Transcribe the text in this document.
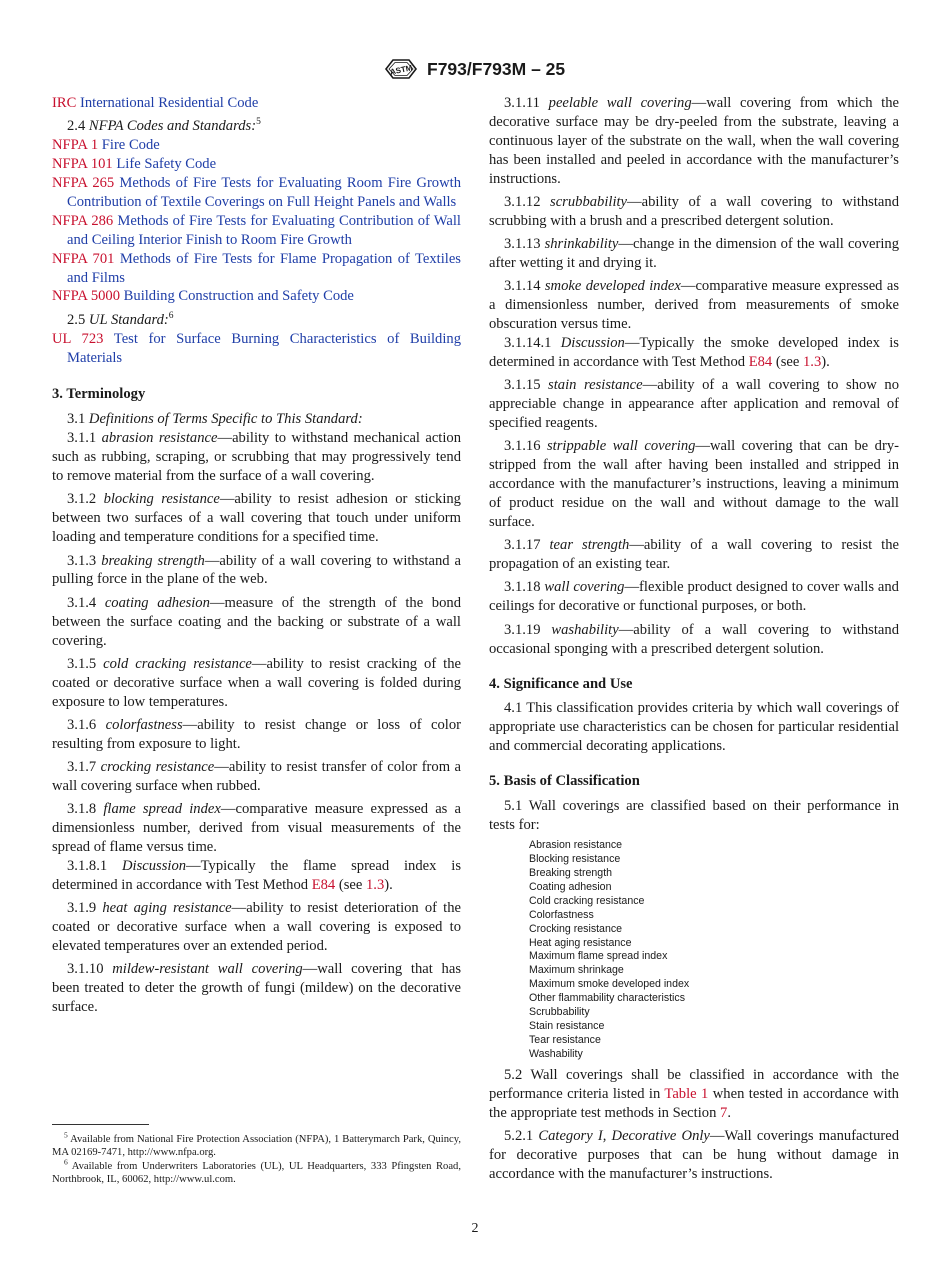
ASTM F793/F793M – 25
IRC International Residential Code
2.4 NFPA Codes and Standards:$^5$
NFPA 1 Fire Code
NFPA 101 Life Safety Code
NFPA 265 Methods of Fire Tests for Evaluating Room Fire Growth Contribution of Textile Coverings on Full Height Panels and Walls
NFPA 286 Methods of Fire Tests for Evaluating Contribution of Wall and Ceiling Interior Finish to Room Fire Growth
NFPA 701 Methods of Fire Tests for Flame Propagation of Textiles and Films
NFPA 5000 Building Construction and Safety Code
2.5 UL Standard:$^6$
UL 723 Test for Surface Burning Characteristics of Building Materials
3. Terminology
3.1 Definitions of Terms Specific to This Standard:
3.1.1 abrasion resistance—ability to withstand mechanical action such as rubbing, scraping, or scrubbing that may progressively tend to remove material from the surface of a wall covering.
3.1.2 blocking resistance—ability to resist adhesion or sticking between two surfaces of a wall covering that touch under uniform loading and temperature conditions for a specified time.
3.1.3 breaking strength—ability of a wall covering to withstand a pulling force in the plane of the web.
3.1.4 coating adhesion—measure of the strength of the bond between the surface coating and the backing or substrate of a wall covering.
3.1.5 cold cracking resistance—ability to resist cracking of the coated or decorative surface when a wall covering is folded during exposure to low temperatures.
3.1.6 colorfastness—ability to resist change or loss of color resulting from exposure to light.
3.1.7 crocking resistance—ability to resist transfer of color from a wall covering surface when rubbed.
3.1.8 flame spread index—comparative measure expressed as a dimensionless number, derived from visual measurements of the spread of flame versus time.
3.1.8.1 Discussion—Typically the flame spread index is determined in accordance with Test Method E84 (see 1.3).
3.1.9 heat aging resistance—ability to resist deterioration of the coated or decorative surface when a wall covering is exposed to elevated temperatures over an extended period.
3.1.10 mildew-resistant wall covering—wall covering that has been treated to deter the growth of fungi (mildew) on the decorative surface.
3.1.11 peelable wall covering—wall covering from which the decorative surface may be dry-peeled from the substrate, leaving a continuous layer of the substrate on the wall, when the wall covering has been installed and peeled in accordance with the manufacturer’s instructions.
3.1.12 scrubbability—ability of a wall covering to withstand scrubbing with a brush and a prescribed detergent solution.
3.1.13 shrinkability—change in the dimension of the wall covering after wetting it and drying it.
3.1.14 smoke developed index—comparative measure expressed as a dimensionless number, derived from measurements of smoke obscuration versus time.
3.1.14.1 Discussion—Typically the smoke developed index is determined in accordance with Test Method E84 (see 1.3).
3.1.15 stain resistance—ability of a wall covering to show no appreciable change in appearance after application and removal of specified reagents.
3.1.16 strippable wall covering—wall covering that can be dry-stripped from the wall after having been installed and stripped in accordance with the manufacturer’s instructions, leaving a minimum of product residue on the wall and without damage to the wall surface.
3.1.17 tear strength—ability of a wall covering to resist the propagation of an existing tear.
3.1.18 wall covering—flexible product designed to cover walls and ceilings for decorative or functional purposes, or both.
3.1.19 washability—ability of a wall covering to withstand occasional sponging with a prescribed detergent solution.
4. Significance and Use
4.1 This classification provides criteria by which wall coverings of appropriate use characteristics can be chosen for particular residential and commercial decorating applications.
5. Basis of Classification
5.1 Wall coverings are classified based on their performance in tests for:
Abrasion resistance
Blocking resistance
Breaking strength
Coating adhesion
Cold cracking resistance
Colorfastness
Crocking resistance
Heat aging resistance
Maximum flame spread index
Maximum shrinkage
Maximum smoke developed index
Other flammability characteristics
Scrubbability
Stain resistance
Tear resistance
Washability
5.2 Wall coverings shall be classified in accordance with the performance criteria listed in Table 1 when tested in accordance with the appropriate test methods in Section 7.
5.2.1 Category I, Decorative Only—Wall coverings manufactured for decorative purposes that can be hung without damage in accordance with the manufacturer’s instructions.

$^5$ Available from National Fire Protection Association (NFPA), 1 Batterymarch Park, Quincy, MA 02169-7471, http://www.nfpa.org.

$^6$ Available from Underwriters Laboratories (UL), UL Headquarters, 333 Pfingsten Road, Northbrook, IL, 60062, http://www.ul.com.

2
